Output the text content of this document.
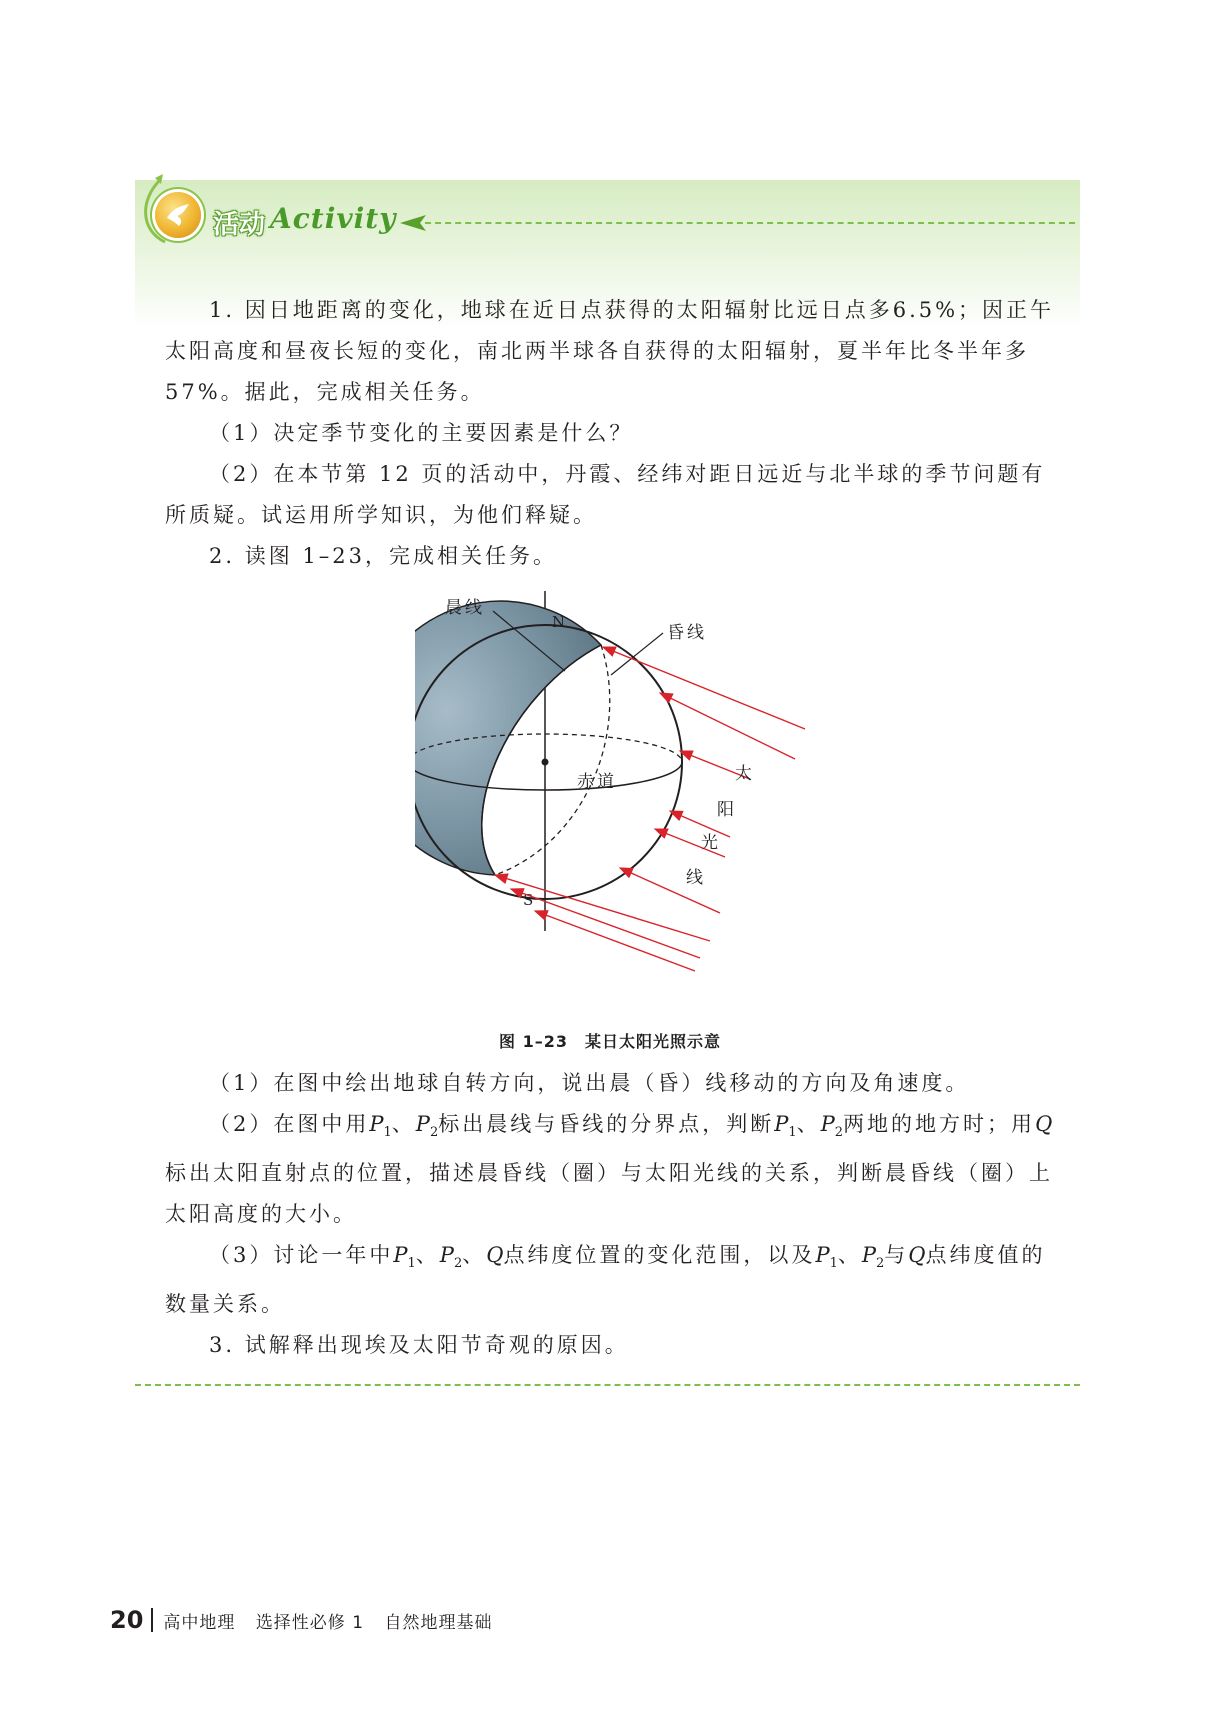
活动 Activity

1. 因日地距离的变化，地球在近日点获得的太阳辐射比远日点多6.5%；因正午太阳高度和昼夜长短的变化，南北两半球各自获得的太阳辐射，夏半年比冬半年多57%。据此，完成相关任务。

（1）决定季节变化的主要因素是什么？

（2）在本节第 12 页的活动中，丹霞、经纬对距日远近与北半球的季节问题有所质疑。试运用所学知识，为他们释疑。

2. 读图 1–23，完成相关任务。

晨线
N
昏线
S
赤道	太
阳
光
线
图 1–23　某日太阳光照示意

（1）在图中绘出地球自转方向，说出晨（昏）线移动的方向及角速度。

（2）在图中用$P_1$、$P_2$标出晨线与昏线的分界点，判断$P_1$、$P_2$两地的地方时；用Q标出太阳直射点的位置，描述晨昏线（圈）与太阳光线的关系，判断晨昏线（圈）上太阳高度的大小。

（3）讨论一年中$P_1$、$P_2$、Q点纬度位置的变化范围，以及$P_1$、$P_2$与Q点纬度值的数量关系。

3. 试解释出现埃及太阳节奇观的原因。

20	高中地理 选择性必修 1 自然地理基础
